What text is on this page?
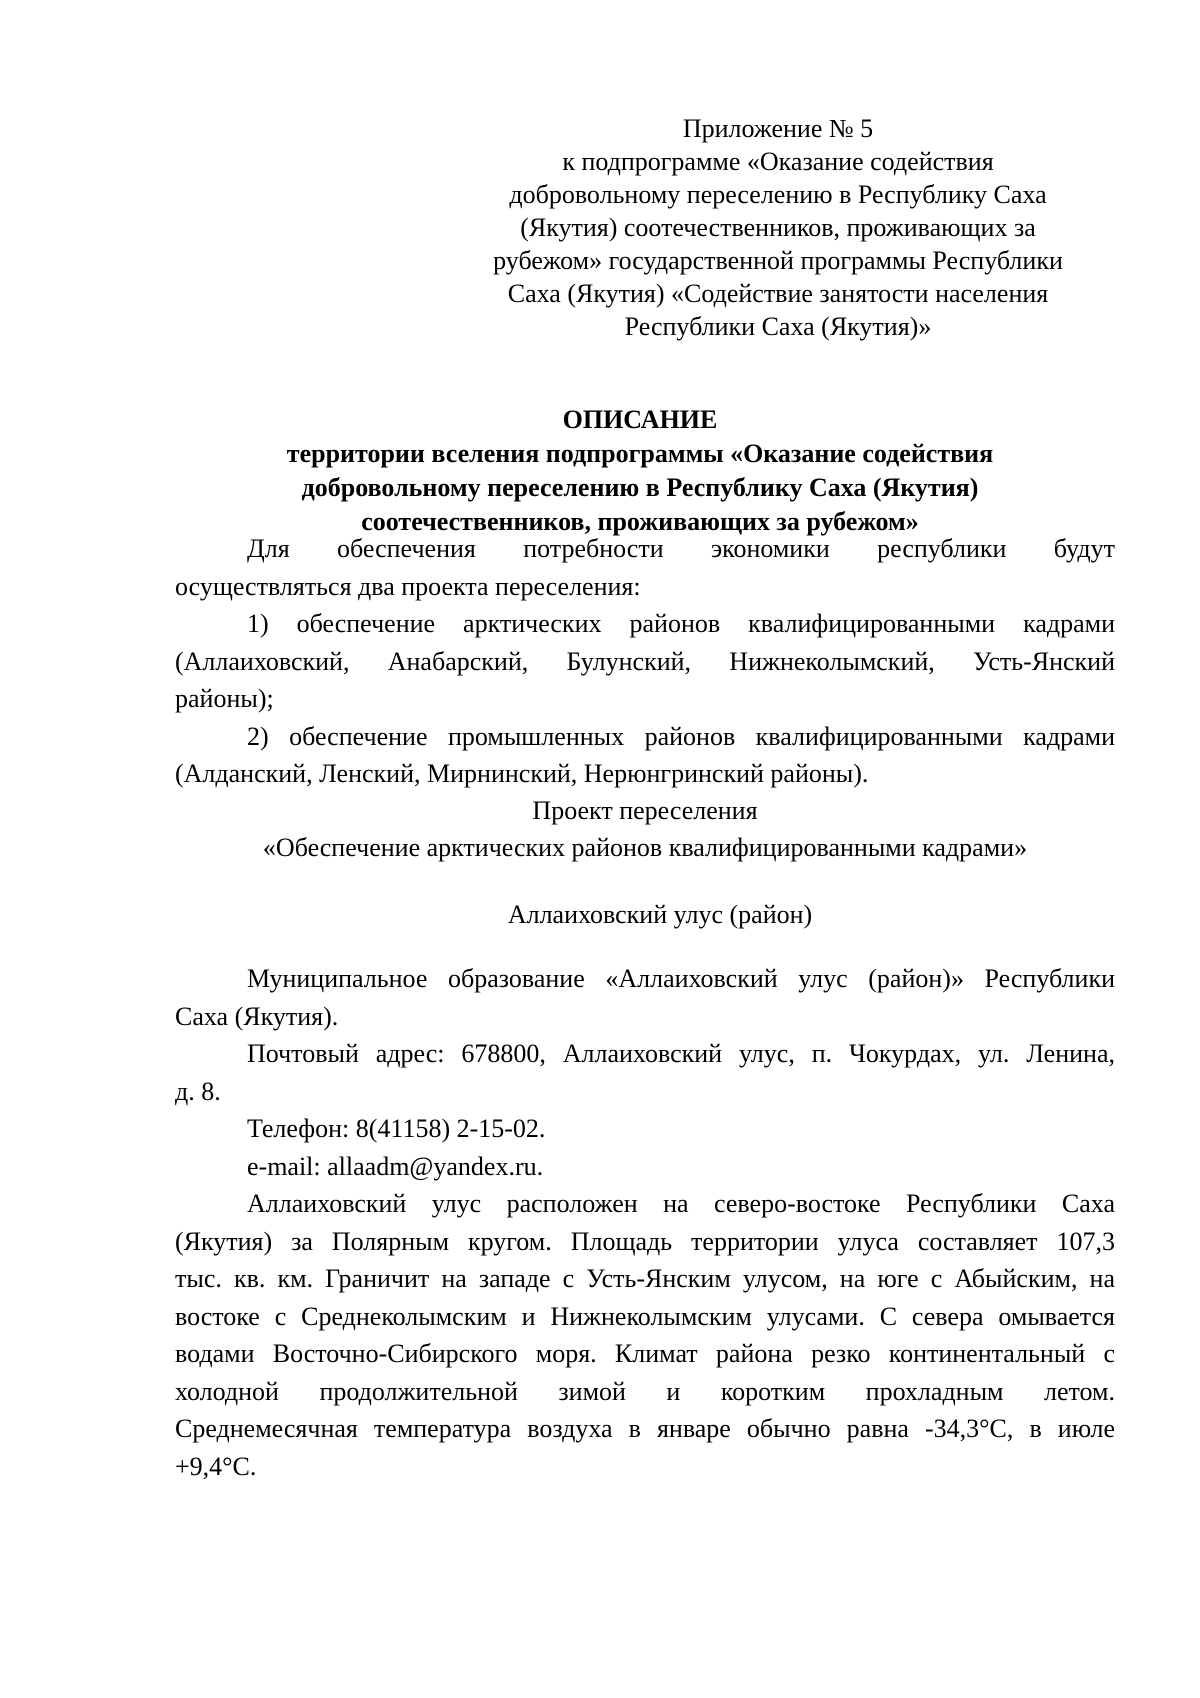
Приложение № 5
к подпрограмме «Оказание содействия
добровольному переселению в Республику Саха
(Якутия) соотечественников, проживающих за
рубежом» государственной программы Республики
Саха (Якутия) «Содействие занятости населения
Республики Саха (Якутия)»
ОПИСАНИЕ
территории вселения подпрограммы «Оказание содействия
добровольному переселению в Республику Саха (Якутия)
соотечественников, проживающих за рубежом»
Для обеспечения потребности экономики республики будут
осуществляться два проекта переселения:
1) обеспечение арктических районов квалифицированными кадрами
(Аллаиховский, Анабарский, Булунский, Нижнеколымский, Усть-Янский
районы);
2) обеспечение промышленных районов квалифицированными кадрами
(Алданский, Ленский, Мирнинский, Нерюнгринский районы).
Проект переселения
«Обеспечение арктических районов квалифицированными кадрами»
Аллаиховский улус (район)
Муниципальное образование «Аллаиховский улус (район)» Республики
Саха (Якутия).
Почтовый адрес: 678800, Аллаиховский улус, п. Чокурдах, ул. Ленина,
д. 8.
Телефон: 8(41158) 2-15-02.
e-mail: allaadm@yandex.ru.
Аллаиховский улус расположен на северо-востоке Республики Саха
(Якутия) за Полярным кругом. Площадь территории улуса составляет 107,3
тыс. кв. км. Граничит на западе с Усть-Янским улусом, на юге с Абыйским, на
востоке с Среднеколымским и Нижнеколымским улусами. С севера омывается
водами Восточно-Сибирского моря. Климат района резко континентальный с
холодной продолжительной зимой и коротким прохладным летом.
Среднемесячная температура воздуха в январе обычно равна -34,3°С, в июле
+9,4°С.
